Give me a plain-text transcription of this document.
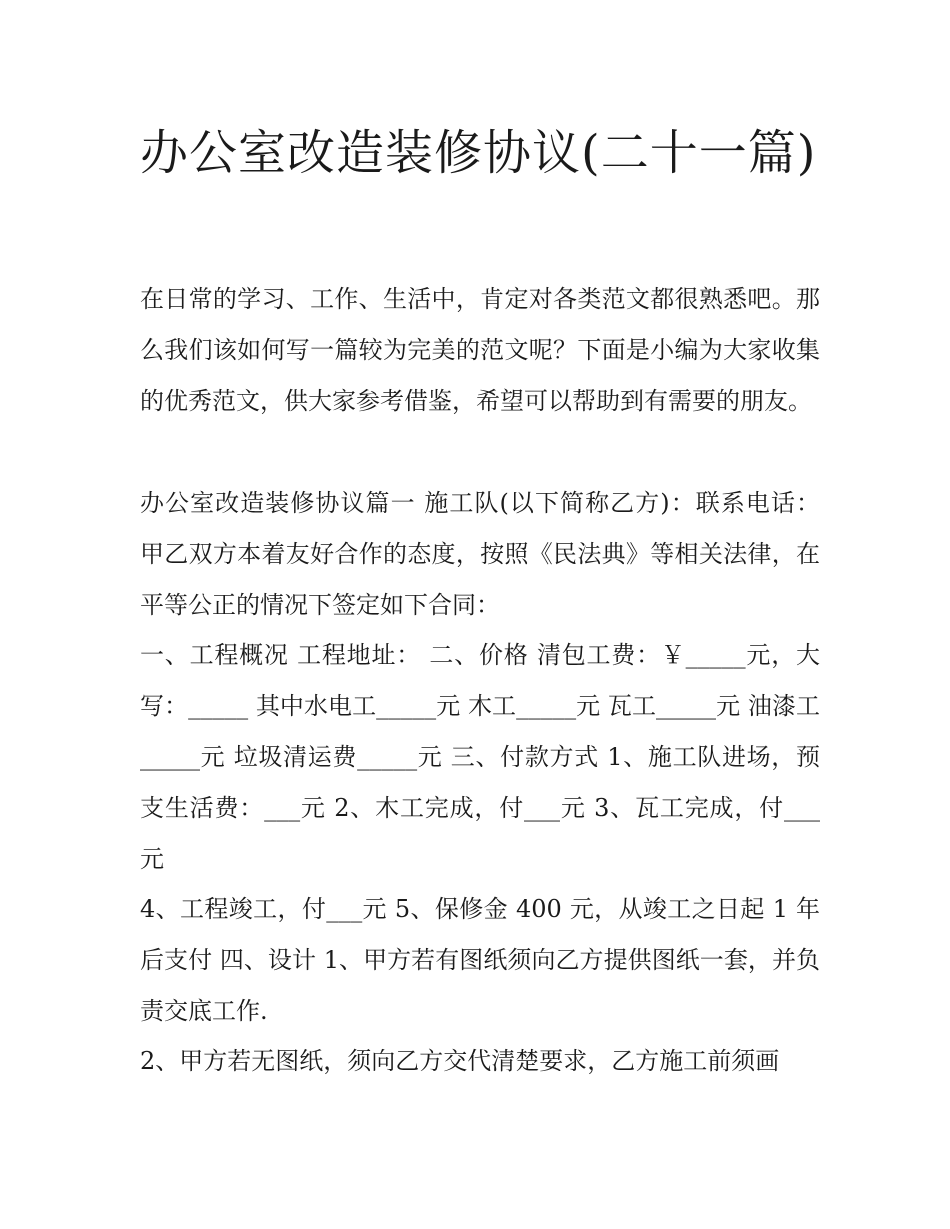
办公室改造装修协议(二十一篇)

在日常的学习、工作、生活中，肯定对各类范文都很熟悉吧。那么我们该如何写一篇较为完美的范文呢？下面是小编为大家收集的优秀范文，供大家参考借鉴，希望可以帮助到有需要的朋友。

办公室改造装修协议篇一 施工队(以下简称乙方)：联系电话： 甲乙双方本着友好合作的态度，按照《民法典》等相关法律，在平等公正的情况下签定如下合同：

一、工程概况 工程地址： 二、价格 清包工费：￥_____元，大写：_____ 其中水电工_____元 木工_____元 瓦工_____元 油漆工_____元 垃圾清运费_____元 三、付款方式 1、施工队进场，预支生活费：___元 2、木工完成，付___元 3、瓦工完成，付___元

4、工程竣工，付___元 5、保修金 400 元，从竣工之日起 1 年后支付 四、设计 1、甲方若有图纸须向乙方提供图纸一套，并负责交底工作.

2、甲方若无图纸，须向乙方交代清楚要求，乙方施工前须画
